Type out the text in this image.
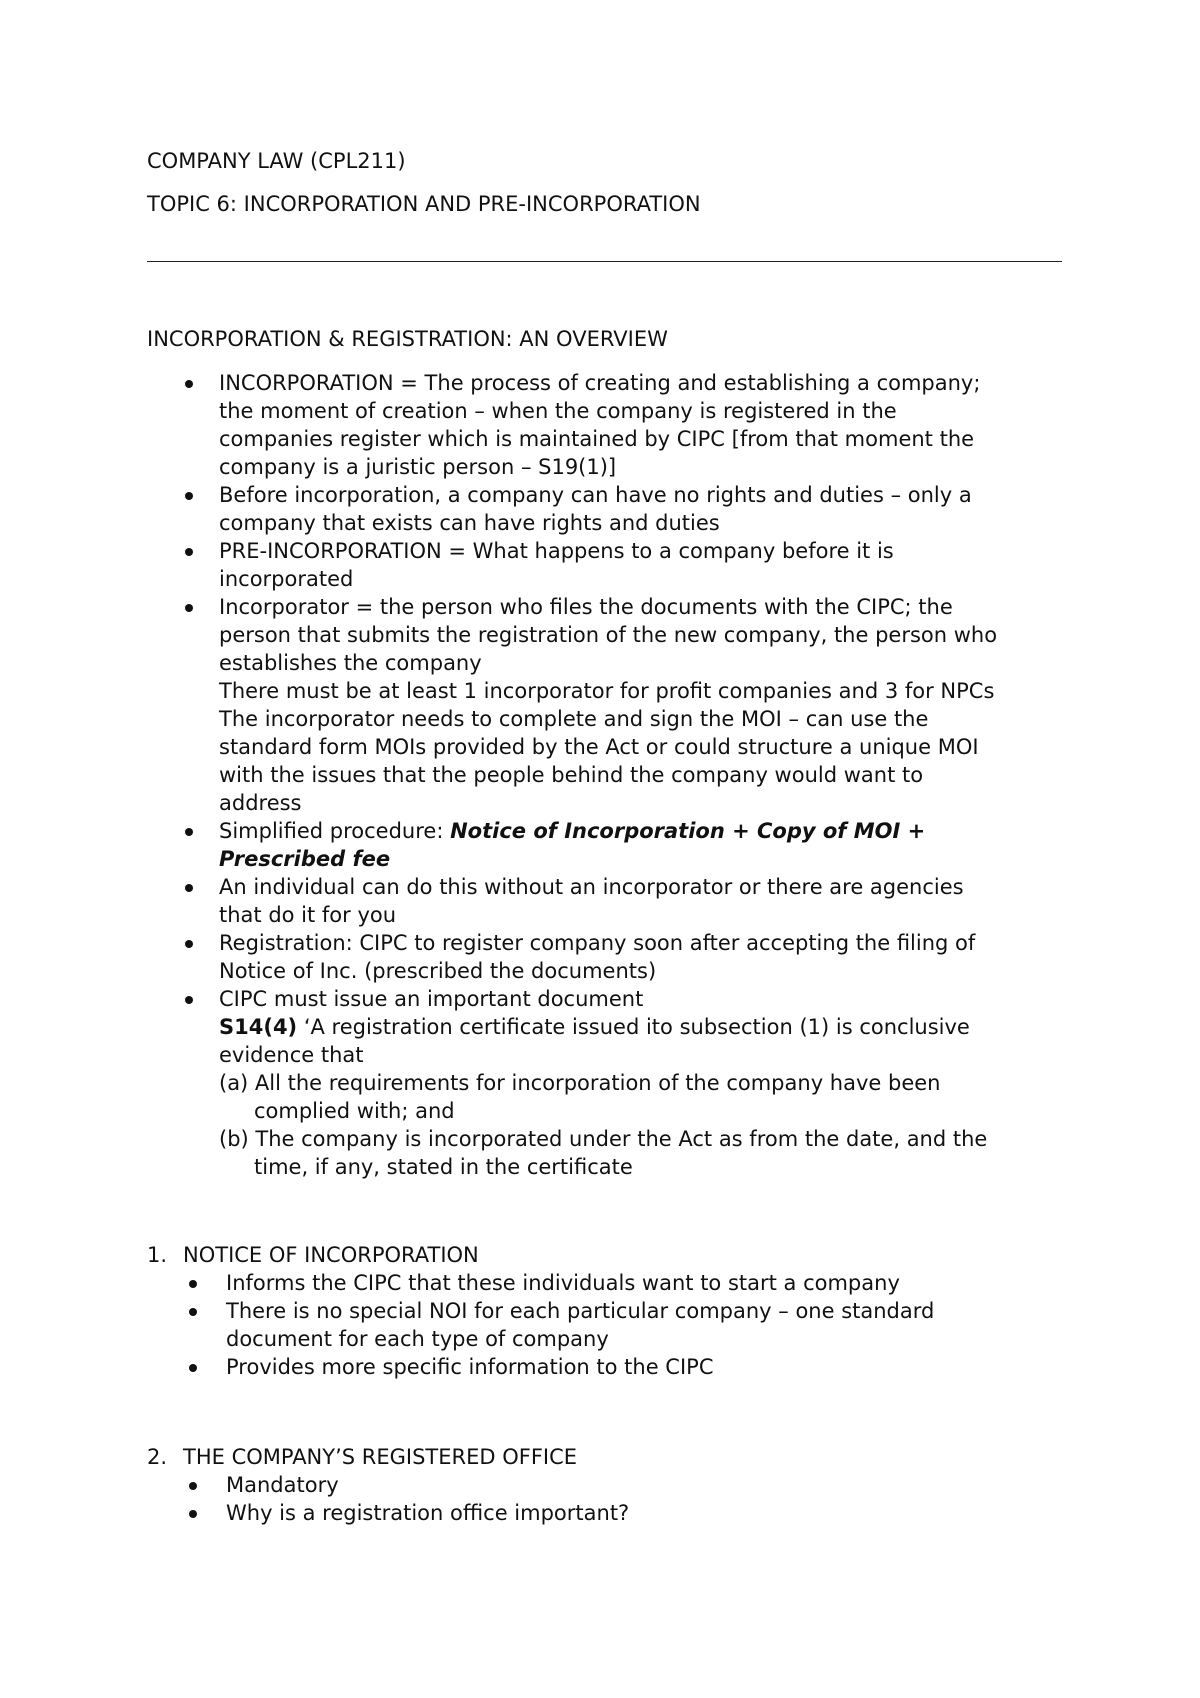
COMPANY LAW (CPL211)
TOPIC 6: INCORPORATION AND PRE-INCORPORATION
INCORPORATION & REGISTRATION: AN OVERVIEW
INCORPORATION = The process of creating and establishing a company;
the moment of creation – when the company is registered in the
companies register which is maintained by CIPC [from that moment the
company is a juristic person – S19(1)]
Before incorporation, a company can have no rights and duties – only a
company that exists can have rights and duties
PRE-INCORPORATION = What happens to a company before it is
incorporated
Incorporator = the person who files the documents with the CIPC; the
person that submits the registration of the new company, the person who
establishes the company
There must be at least 1 incorporator for profit companies and 3 for NPCs
The incorporator needs to complete and sign the MOI – can use the
standard form MOIs provided by the Act or could structure a unique MOI
with the issues that the people behind the company would want to
address
Simplified procedure: Notice of Incorporation + Copy of MOI +
Prescribed fee
An individual can do this without an incorporator or there are agencies
that do it for you
Registration: CIPC to register company soon after accepting the filing of
Notice of Inc. (prescribed the documents)
CIPC must issue an important document
S14(4) ‘A registration certificate issued ito subsection (1) is conclusive
evidence that
(a) All the requirements for incorporation of the company have been
complied with; and
(b) The company is incorporated under the Act as from the date, and the
time, if any, stated in the certificate
1. NOTICE OF INCORPORATION
Informs the CIPC that these individuals want to start a company
There is no special NOI for each particular company – one standard
document for each type of company
Provides more specific information to the CIPC
2. THE COMPANY’S REGISTERED OFFICE
Mandatory
Why is a registration office important?
